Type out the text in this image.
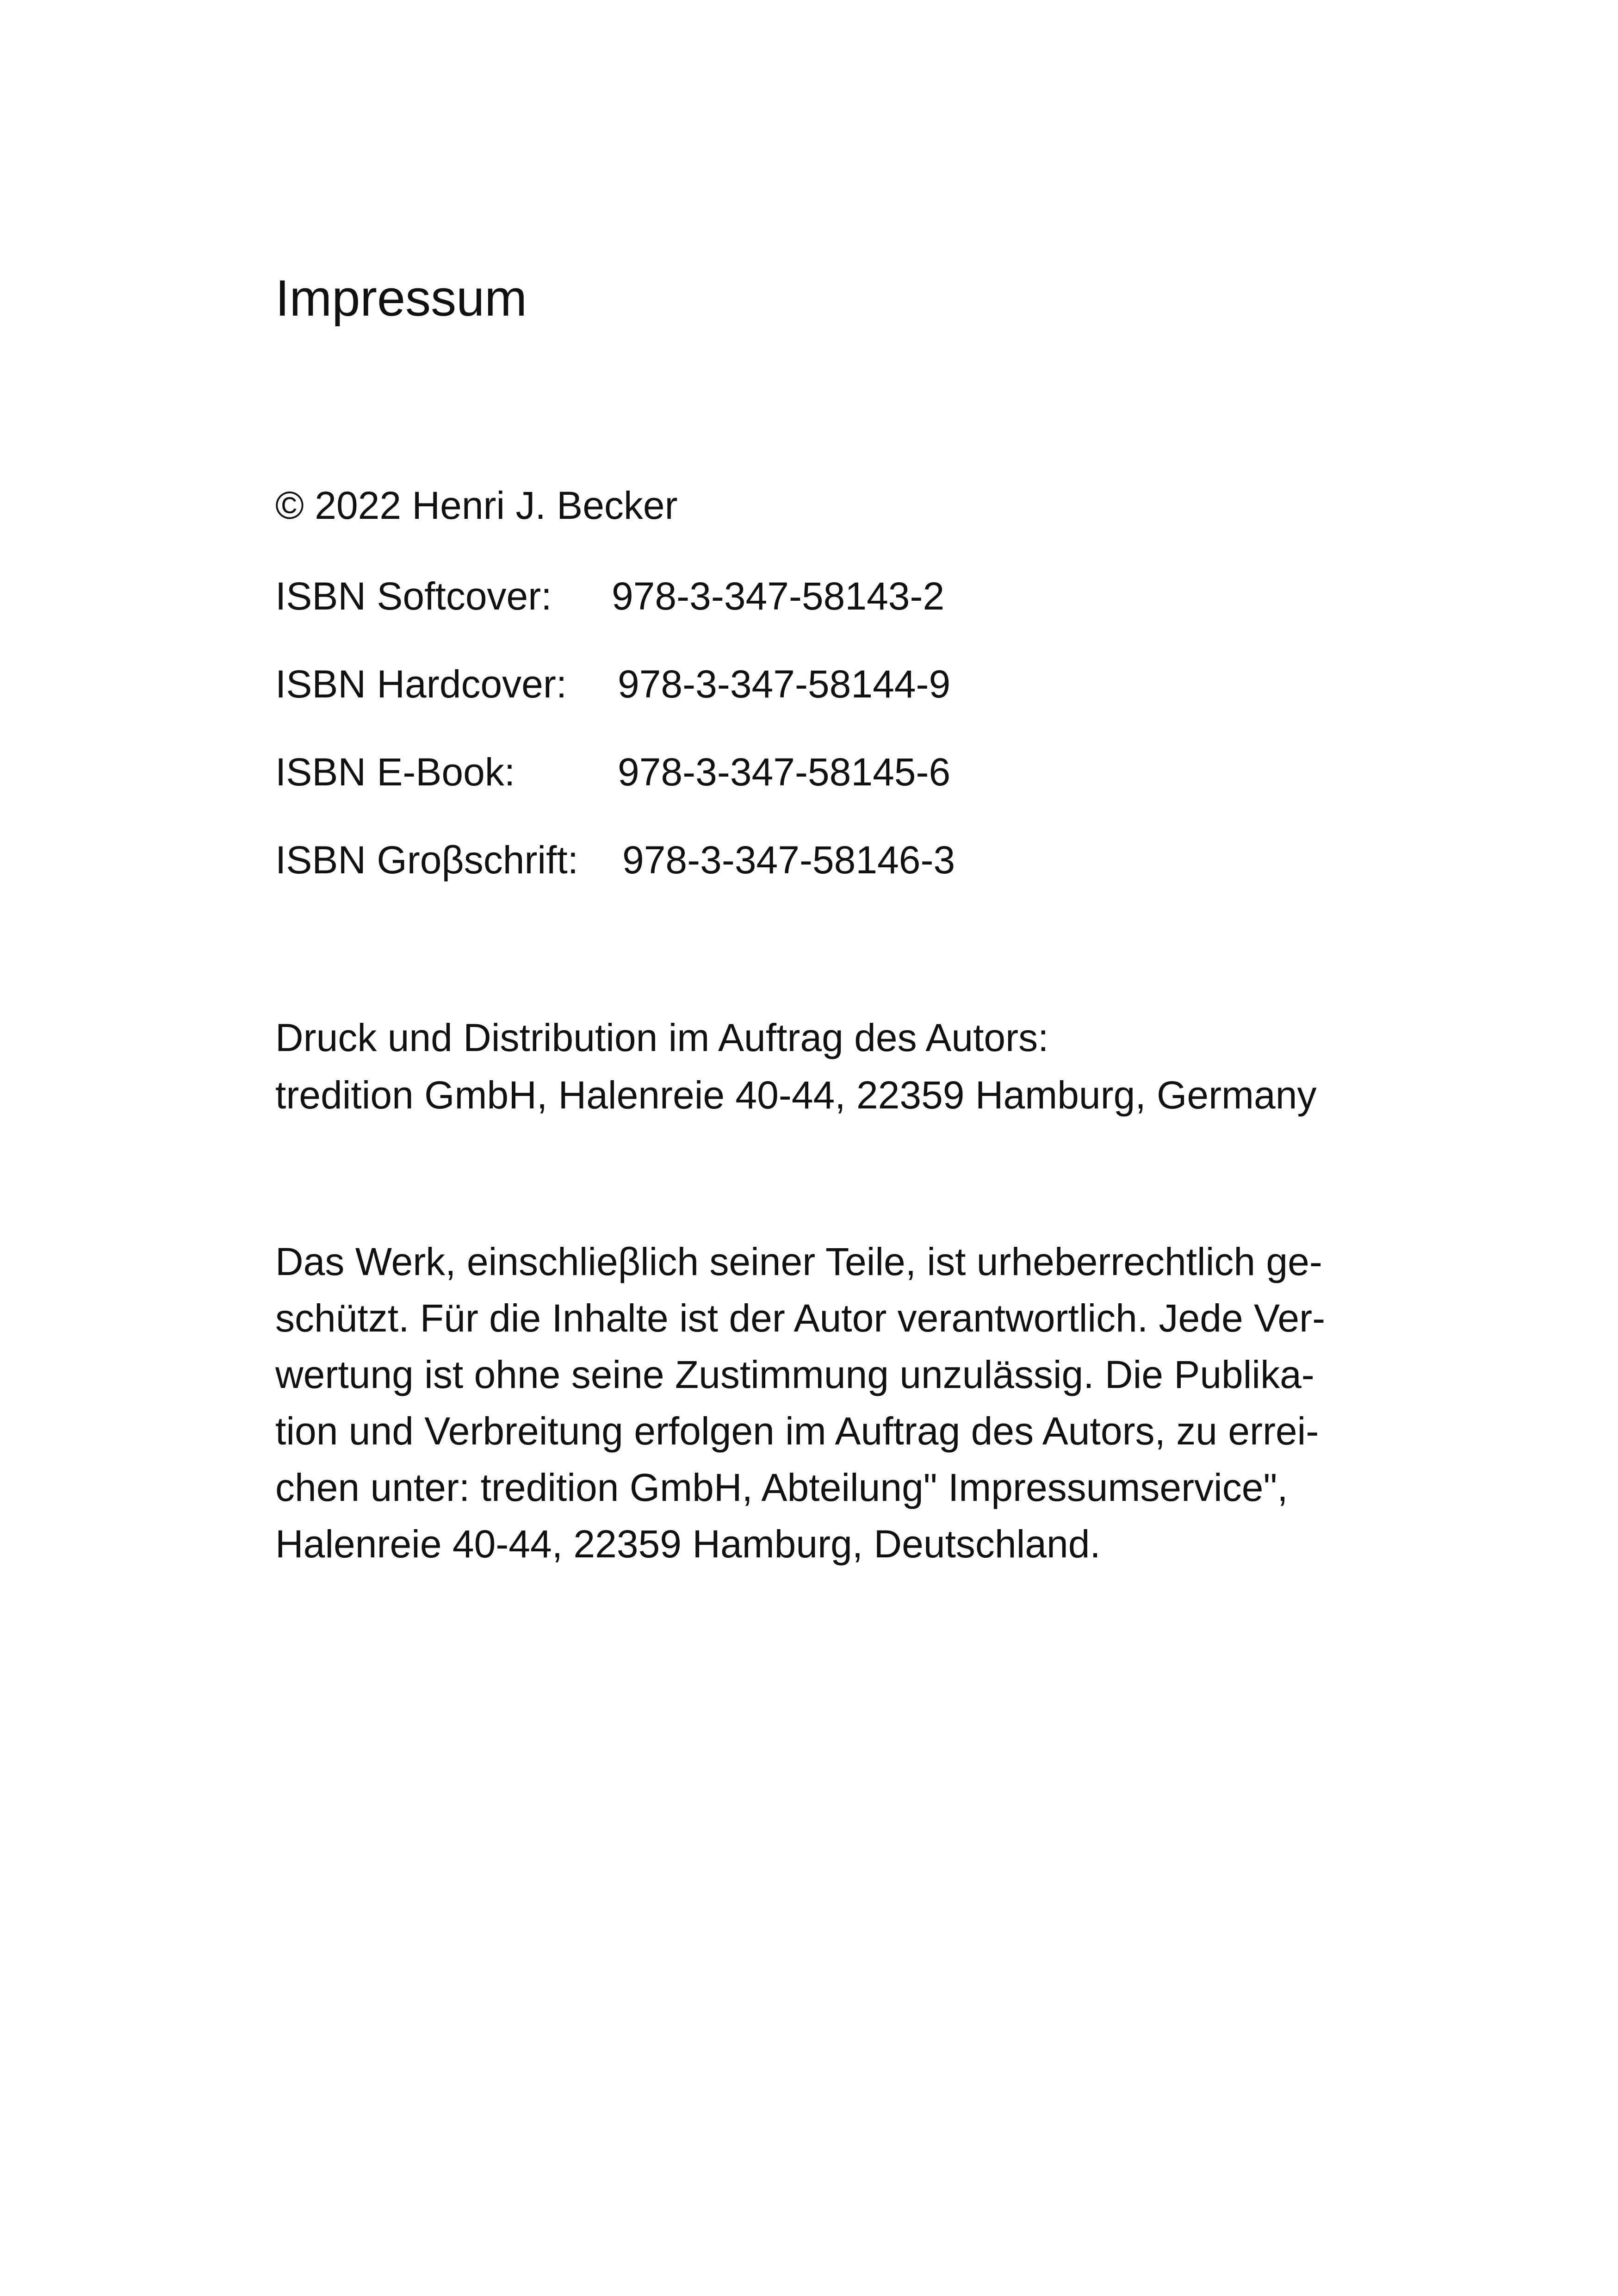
Impressum
© 2022 Henri J. Becker
ISBN Softcover: 978-3-347-58143-2
ISBN Hardcover: 978-3-347-58144-9
ISBN E-Book:	978-3-347-58145-6
ISBN Groβschrift: 978-3-347-58146-3
Druck und Distribution im Auftrag des Autors:
tredition GmbH, Halenreie 40-44, 22359 Hamburg, Germany
Das Werk, einschlieβlich seiner Teile, ist urheberrechtlich ge-
schützt. Für die Inhalte ist der Autor verantwortlich. Jede Ver-
wertung ist ohne seine Zustimmung unzulässig. Die Publika-
tion und Verbreitung erfolgen im Auftrag des Autors, zu errei-
chen unter: tredition GmbH, Abteilung" Impressumservice",
Halenreie 40-44, 22359 Hamburg, Deutschland.
